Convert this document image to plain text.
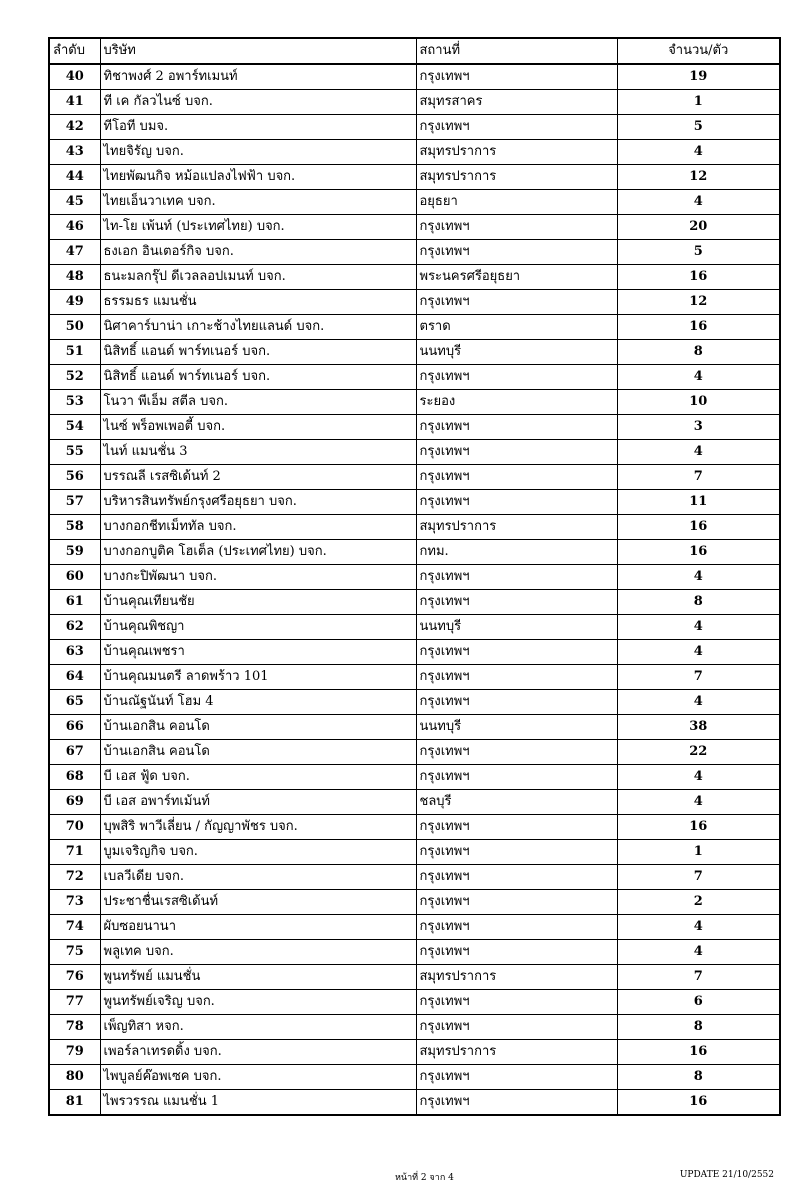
ลำดับ	บริษัท	สถานที่	จำนวน/ตัว
40	ทิชาพงศ์ 2 อพาร์ทเมนท์	กรุงเทพฯ	19
41	ที เค กัลวไนซ์ บจก.	สมุทรสาคร	1
42	ทีโอที บมจ.	กรุงเทพฯ	5
43	ไทยจิรัญ บจก.	สมุทรปราการ	4
44	ไทยพัฒนกิจ หม้อแปลงไฟฟ้า บจก.	สมุทรปราการ	12
45	ไทยเอ็นวาเทค บจก.	อยุธยา	4
46	ไท-โย เพ้นท์ (ประเทศไทย) บจก.	กรุงเทพฯ	20
47	ธงเอก อินเตอร์กิจ บจก.	กรุงเทพฯ	5
48	ธนะมลกรุ๊ป ดีเวลลอปเมนท์ บจก.	พระนครศรีอยุธยา	16
49	ธรรมธร แมนชั่น	กรุงเทพฯ	12
50	นิศาคาร์บาน่า เกาะช้างไทยแลนด์ บจก.	ตราด	16
51	นิสิทธิ์ แอนด์ พาร์ทเนอร์ บจก.	นนทบุรี	8
52	นิสิทธิ์ แอนด์ พาร์ทเนอร์ บจก.	กรุงเทพฯ	4
53	โนวา พีเอ็ม สตีล บจก.	ระยอง	10
54	ไนซ์ พร็อพเพอตี้ บจก.	กรุงเทพฯ	3
55	ไนท์ แมนชั่น 3	กรุงเทพฯ	4
56	บรรณลี เรสซิเด้นท์ 2	กรุงเทพฯ	7
57	บริหารสินทรัพย์กรุงศรีอยุธยา บจก.	กรุงเทพฯ	11
58	บางกอกชีทเม็ททัล บจก.	สมุทรปราการ	16
59	บางกอกบูติค โฮเต็ล (ประเทศไทย) บจก.	กทม.	16
60	บางกะปิพัฒนา บจก.	กรุงเทพฯ	4
61	บ้านคุณเทียนชัย	กรุงเทพฯ	8
62	บ้านคุณพิชญา	นนทบุรี	4
63	บ้านคุณเพชรา	กรุงเทพฯ	4
64	บ้านคุณมนตรี ลาดพร้าว 101	กรุงเทพฯ	7
65	บ้านณัฐนันท์ โฮม 4	กรุงเทพฯ	4
66	บ้านเอกสิน คอนโด	นนทบุรี	38
67	บ้านเอกสิน คอนโด	กรุงเทพฯ	22
68	บี เอส ฟู้ด บจก.	กรุงเทพฯ	4
69	บี เอส อพาร์ทเม้นท์	ชลบุรี	4
70	บุพสิริ พาวีเลี่ยน / กัญญาพัชร บจก.	กรุงเทพฯ	16
71	บูมเจริญกิจ บจก.	กรุงเทพฯ	1
72	เบลวีเดีย บจก.	กรุงเทพฯ	7
73	ประชาชื่นเรสซิเด้นท์	กรุงเทพฯ	2
74	ผับซอยนานา	กรุงเทพฯ	4
75	พลูเทค บจก.	กรุงเทพฯ	4
76	พูนทรัพย์ แมนชั่น	สมุทรปราการ	7
77	พูนทรัพย์เจริญ บจก.	กรุงเทพฯ	6
78	เพ็ญทิสา หจก.	กรุงเทพฯ	8
79	เพอร์ลาเทรดดิ้ง บจก.	สมุทรปราการ	16
80	ไพบูลย์ค๊อพเซค บจก.	กรุงเทพฯ	8
81	ไพรวรรณ แมนชั่น 1	กรุงเทพฯ	16
หน้าที่ 2 จาก 4	UPDATE 21/10/2552
